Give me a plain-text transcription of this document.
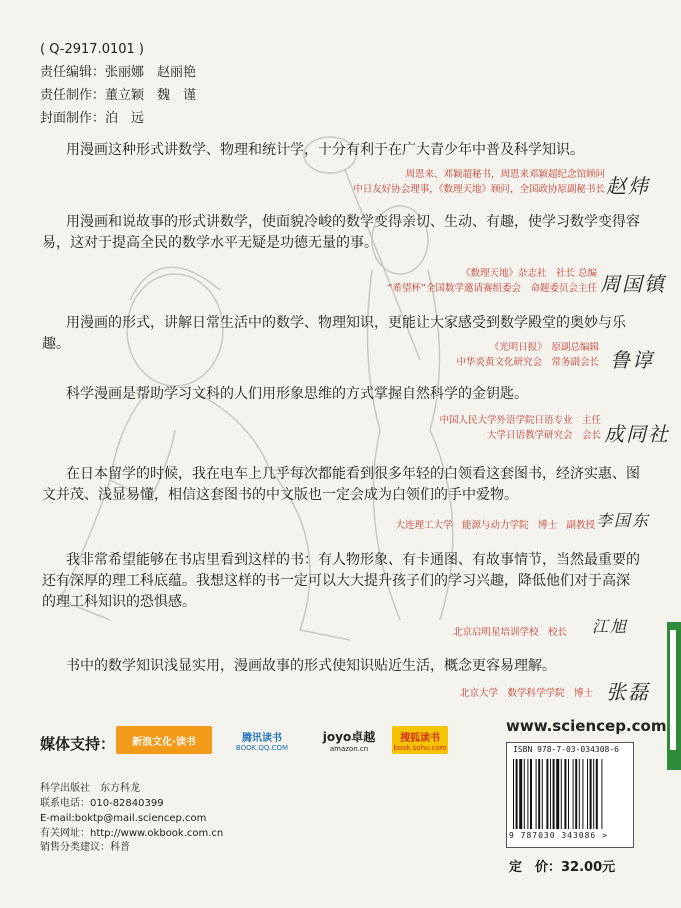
( Q-2917.0101 )
责任编辑：张丽娜　赵丽艳
责任制作：董立颖　魏　谨
封面制作：泊　远
用漫画这种形式讲数学、物理和统计学，十分有利于在广大青少年中普及科学知识。
周恩来、邓颖超秘书，周恩来邓颖超纪念馆顾问
中日友好协会理事，《数理天地》顾问，全国政协原副秘书长 赵炜
用漫画和说故事的形式讲数学，使面貌冷峻的数学变得亲切、生动、有趣，使学习数学变得容易，这对于提高全民的数学水平无疑是功德无量的事。
《数理天地》杂志社　社长 总编
“希望杯”全国数学邀请赛组委会　命题委员会主任 周国镇
用漫画的形式，讲解日常生活中的数学、物理知识，更能让大家感受到数学殿堂的奥妙与乐趣。	《光明日报》　原副总编辑
中华炎黄文化研究会　常务副会长 鲁谆
科学漫画是帮助学习文科的人们用形象思维的方式掌握自然科学的金钥匙。
中国人民大学外语学院日语专业　主任
大学日语教学研究会　会长 成同社
在日本留学的时候，我在电车上几乎每次都能看到很多年轻的白领看这套图书，经济实惠、图文并茂、浅显易懂，相信这套图书的中文版也一定会成为白领们的手中爱物。
大连理工大学　能源与动力学院　博士　副教授 李国东
我非常希望能够在书店里看到这样的书：有人物形象、有卡通图、有故事情节，当然最重要的还有深厚的理工科底蕴。我想这样的书一定可以大大提升孩子们的学习兴趣，降低他们对于高深的理工科知识的恐惧感。
北京启明星培训学校　校长 江旭
书中的数学知识浅显实用，漫画故事的形式使知识贴近生活，概念更容易理解。
北京大学　数学科学学院　博士 张磊
媒体支持： 新浪文化·读书	腾讯读书
BOOK.QQ.COM
joyo卓越
amazon.cn
搜狐读书
book.sohu.com
科学出版社　东方科龙
联系电话：010-82840399
E-mail:boktp@mail.sciencep.com
有关网址：http://www.okbook.com.cn
销售分类建议：科普
www.sciencep.com
ISBN 978-7-03-034308-6
9 787030 343086 >
定　价：32.00元
